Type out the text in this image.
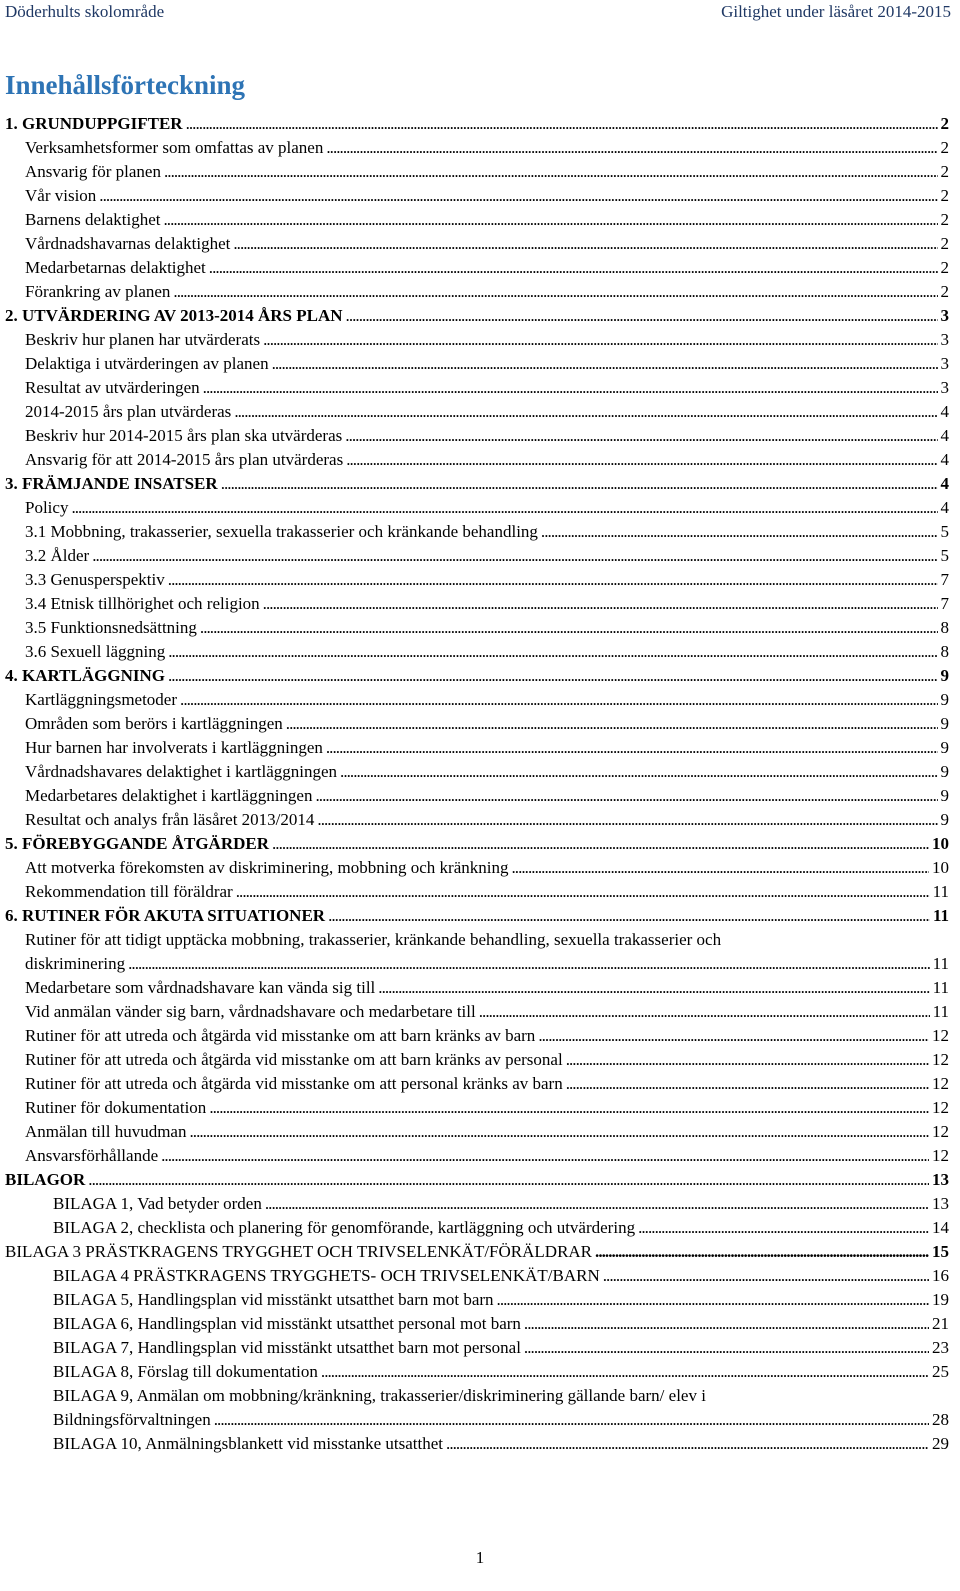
Döderhults skolområde	Giltighet under läsåret 2014-2015
Innehållsförteckning
1. GRUNDUPPGIFTER . . .	2
Verksamhetsformer som omfattas av planen . . .	2
Ansvarig för planen . . .	2
Vår vision . . .	2
Barnens delaktighet . . .	2
Vårdnadshavarnas delaktighet . . .	2
Medarbetarnas delaktighet . . .	2
Förankring av planen . . .	2
2. UTVÄRDERING AV 2013-2014 ÅRS PLAN . . .	3
Beskriv hur planen har utvärderats . . .	3
Delaktiga i utvärderingen av planen . . .	3
Resultat av utvärderingen . . .	3
2014-2015 års plan utvärderas . . .	4
Beskriv hur 2014-2015 års plan ska utvärderas . . .	4
Ansvarig för att 2014-2015 års plan utvärderas . . .	4
3. FRÄMJANDE INSATSER . . .	4
Policy . . .	4
3.1 Mobbning, trakasserier, sexuella trakasserier och kränkande behandling . . .	5
3.2 Ålder . . .	5
3.3 Genusperspektiv . . .	7
3.4 Etnisk tillhörighet och religion . . .	7
3.5 Funktionsnedsättning . . .	8
3.6 Sexuell läggning . . .	8
4. KARTLÄGGNING . . .	9
Kartläggningsmetoder . . .	9
Områden som berörs i kartläggningen . . .	9
Hur barnen har involverats i kartläggningen . . .	9
Vårdnadshavares delaktighet i kartläggningen . . .	9
Medarbetares delaktighet i kartläggningen . . .	9
Resultat och analys från läsåret 2013/2014 . . .	9
5. FÖREBYGGANDE ÅTGÄRDER . . .	10
Att motverka förekomsten av diskriminering, mobbning och kränkning . . .	10
Rekommendation till föräldrar . . .	11
6. RUTINER FÖR AKUTA SITUATIONER . . .	11
Rutiner för att tidigt upptäcka mobbning, trakasserier, kränkande behandling, sexuella trakasserier och
diskriminering . . .	11
Medarbetare som vårdnadshavare kan vända sig till . . .	11
Vid anmälan vänder sig barn, vårdnadshavare och medarbetare till . . .	11
Rutiner för att utreda och åtgärda vid misstanke om att barn kränks av barn . . .	12
Rutiner för att utreda och åtgärda vid misstanke om att barn kränks av personal . . .	12
Rutiner för att utreda och åtgärda vid misstanke om att personal kränks av barn . . .	12
Rutiner för dokumentation . . .	12
Anmälan till huvudman . . .	12
Ansvarsförhållande . . .	12
BILAGOR . . .	13
BILAGA 1, Vad betyder orden . . .	13
BILAGA 2, checklista och planering för genomförande, kartläggning och utvärdering . . .	14
BILAGA 3 PRÄSTKRAGENS TRYGGHET OCH TRIVSELENKÄT/FÖRÄLDRAR . . .	15
BILAGA 4 PRÄSTKRAGENS TRYGGHETS- OCH TRIVSELENKÄT/BARN . . .	16
BILAGA 5, Handlingsplan vid misstänkt utsatthet barn mot barn . . .	19
BILAGA 6, Handlingsplan vid misstänkt utsatthet personal mot barn . . .	21
BILAGA 7, Handlingsplan vid misstänkt utsatthet barn mot personal . . .	23
BILAGA 8, Förslag till dokumentation . . .	25
BILAGA 9, Anmälan om mobbning/kränkning, trakasserier/diskriminering gällande barn/ elev i
Bildningsförvaltningen . . .	28
BILAGA 10, Anmälningsblankett vid misstanke utsatthet . . .	29
1
